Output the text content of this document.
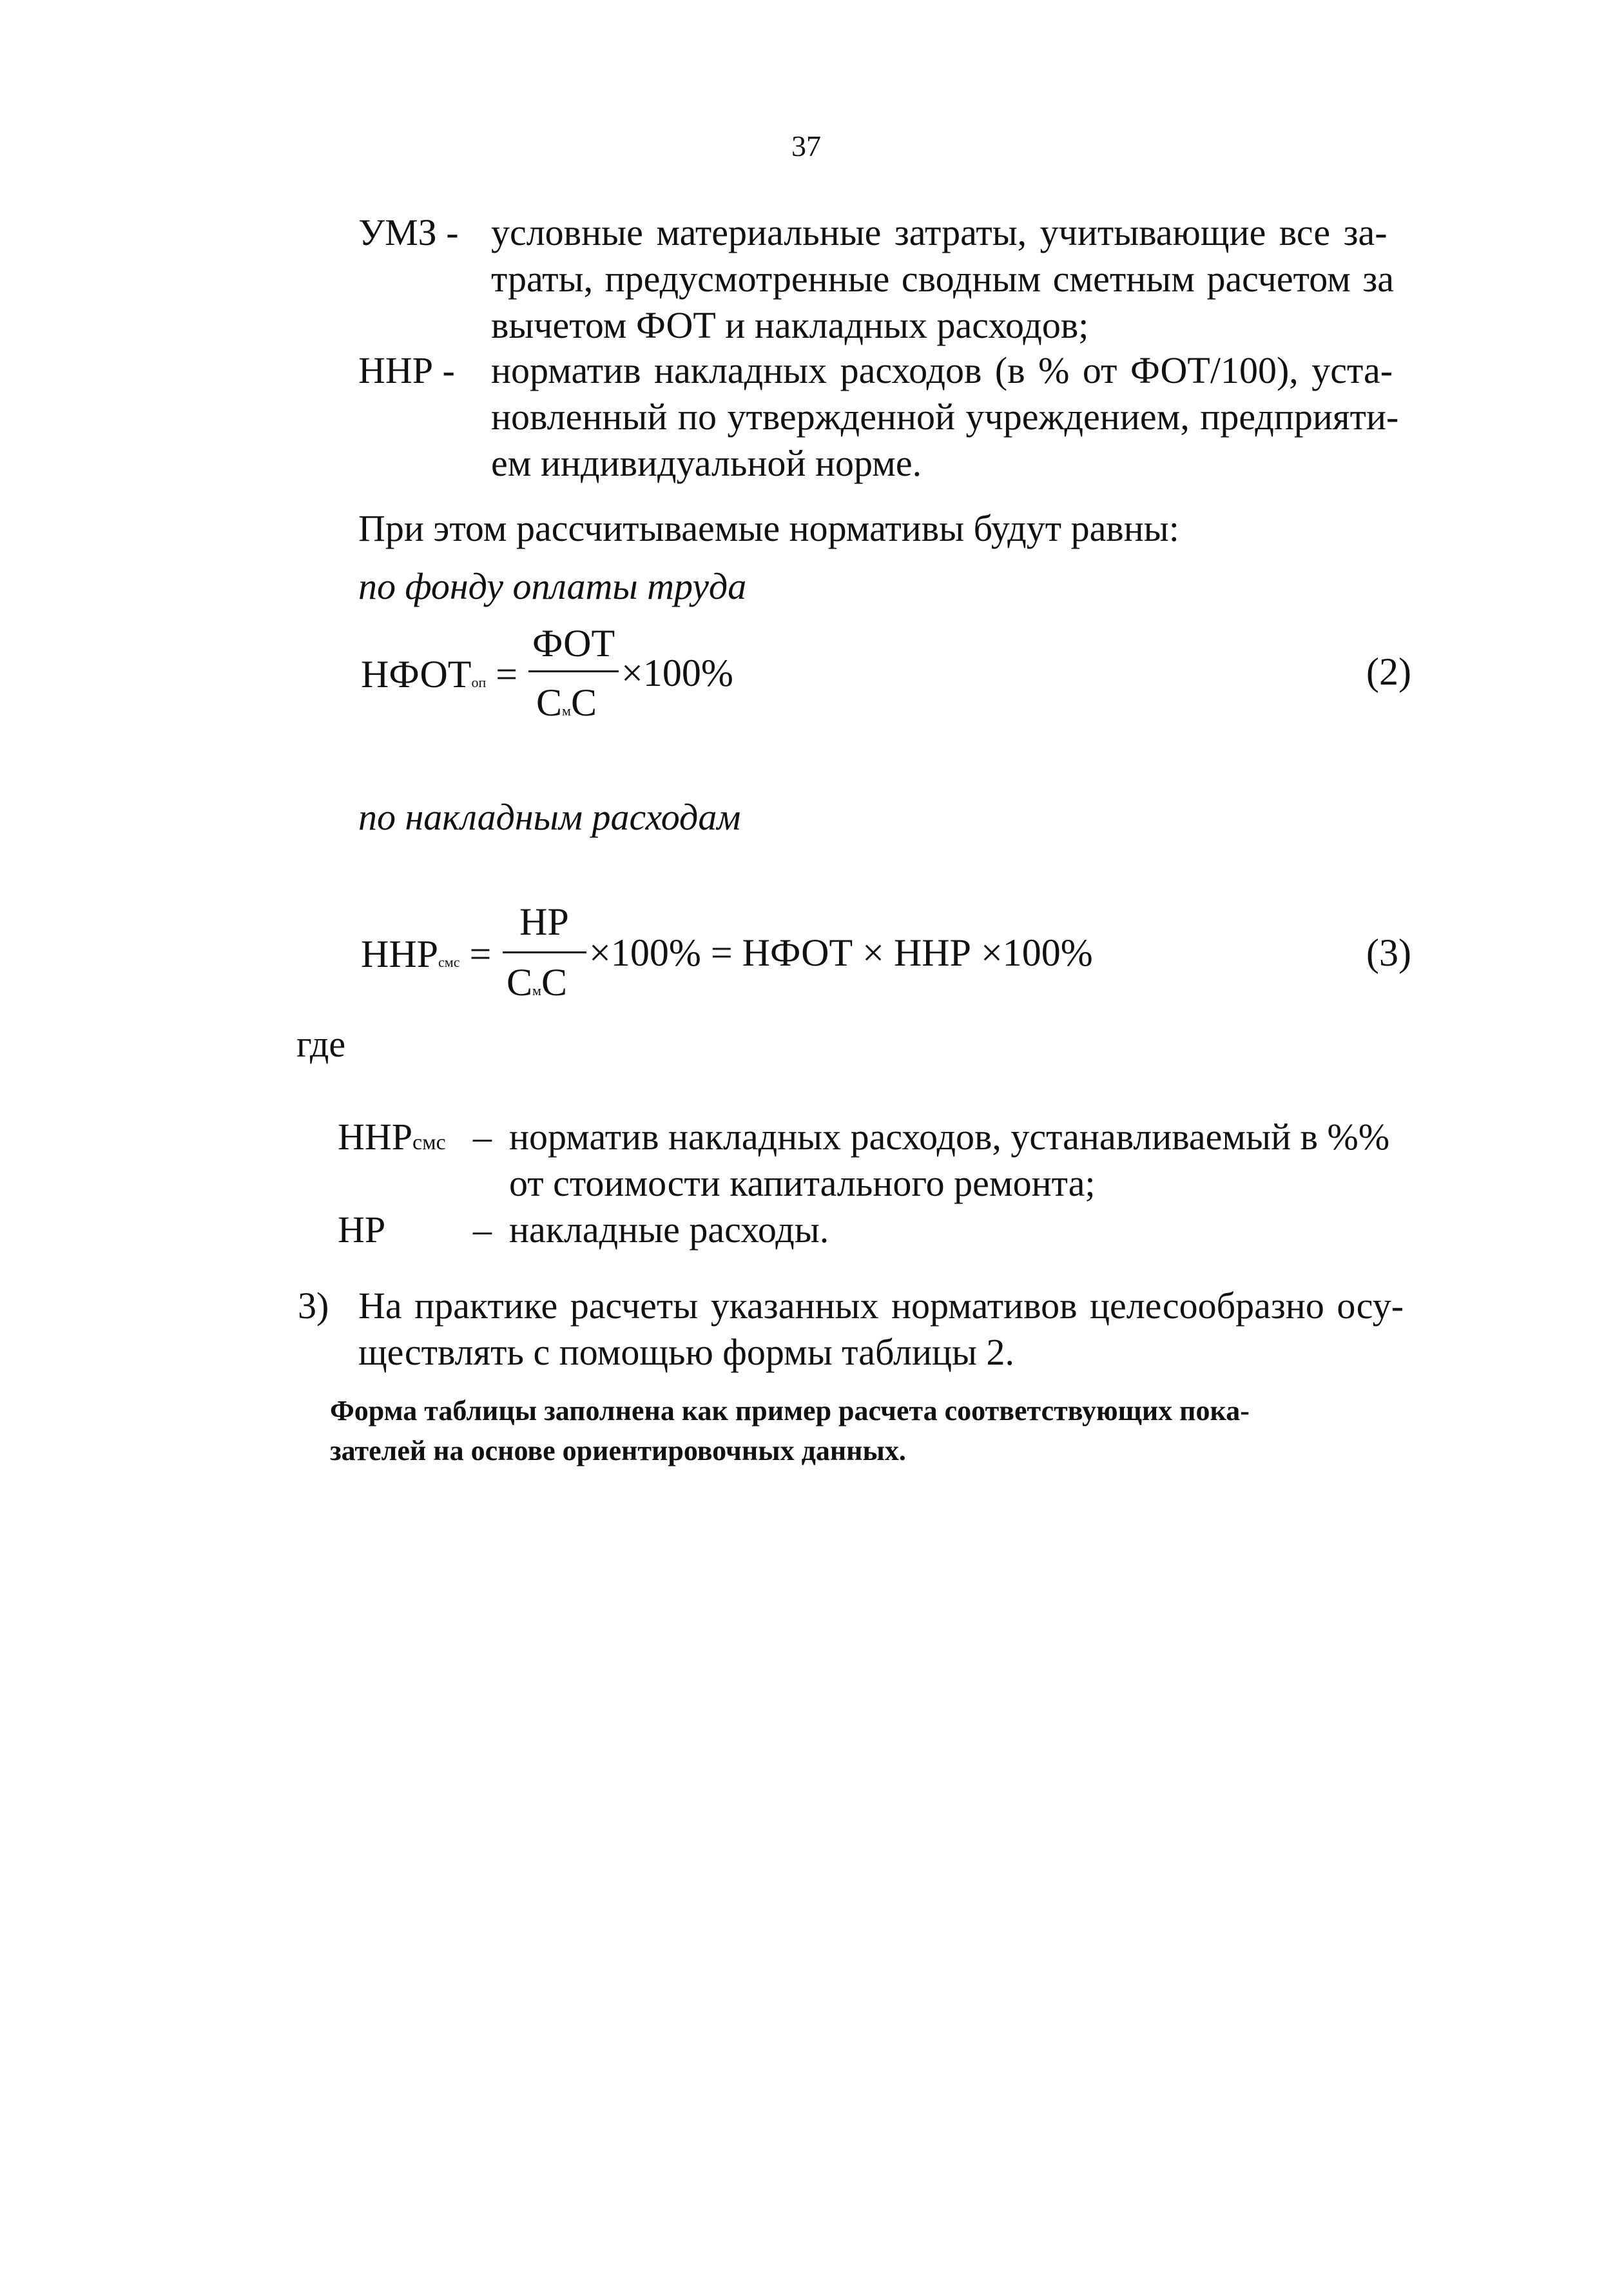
37
УМЗ - условные материальные затраты, учитывающие все за-
траты, предусмотренные сводным сметным расчетом за
вычетом ФОТ и накладных расходов;
ННР - норматив накладных расходов (в % от ФОТ/100), уста-
новленный по утвержденной учреждением, предприяти-
ем индивидуальной норме.
При этом рассчитываемые нормативы будут равны:
по фонду оплаты труда
НФОТоп =
ФОТ
СмС
×100%	(2)
по накладным расходам
ННРсмс =
НР
СмС
×100% = НФОТ × ННР ×100%	(3)
где
ННРсмс – норматив накладных расходов, устанавливаемый в %%
от стоимости капитального ремонта;
НР – накладные расходы.
3) На практике расчеты указанных нормативов целесообразно осу-
ществлять с помощью формы таблицы 2.
Форма таблицы заполнена как пример расчета соответствующих пока-
зателей на основе ориентировочных данных.
